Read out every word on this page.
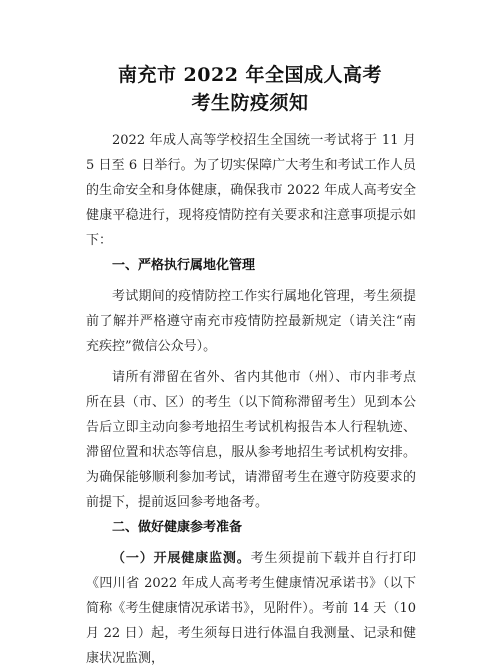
南充市 2022 年全国成人高考
考生防疫须知

2022 年成人高等学校招生全国统一考试将于 11 月 5 日至 6 日举行。为了切实保障广大考生和考试工作人员的生命安全和身体健康，确保我市 2022 年成人高考安全健康平稳进行，现将疫情防控有关要求和注意事项提示如下：

一、严格执行属地化管理

考试期间的疫情防控工作实行属地化管理，考生须提前了解并严格遵守南充市疫情防控最新规定（请关注“南充疾控”微信公众号）。

请所有滞留在省外、省内其他市（州）、市内非考点所在县（市、区）的考生（以下简称滞留考生）见到本公告后立即主动向参考地招生考试机构报告本人行程轨迹、滞留位置和状态等信息，服从参考地招生考试机构安排。为确保能够顺利参加考试，请滞留考生在遵守防疫要求的前提下，提前返回参考地备考。

二、做好健康参考准备

（一）开展健康监测。考生须提前下载并自行打印《四川省 2022 年成人高考考生健康情况承诺书》（以下简称《考生健康情况承诺书》，见附件）。考前 14 天（10 月 22 日）起，考生须每日进行体温自我测量、记录和健康状况监测，
